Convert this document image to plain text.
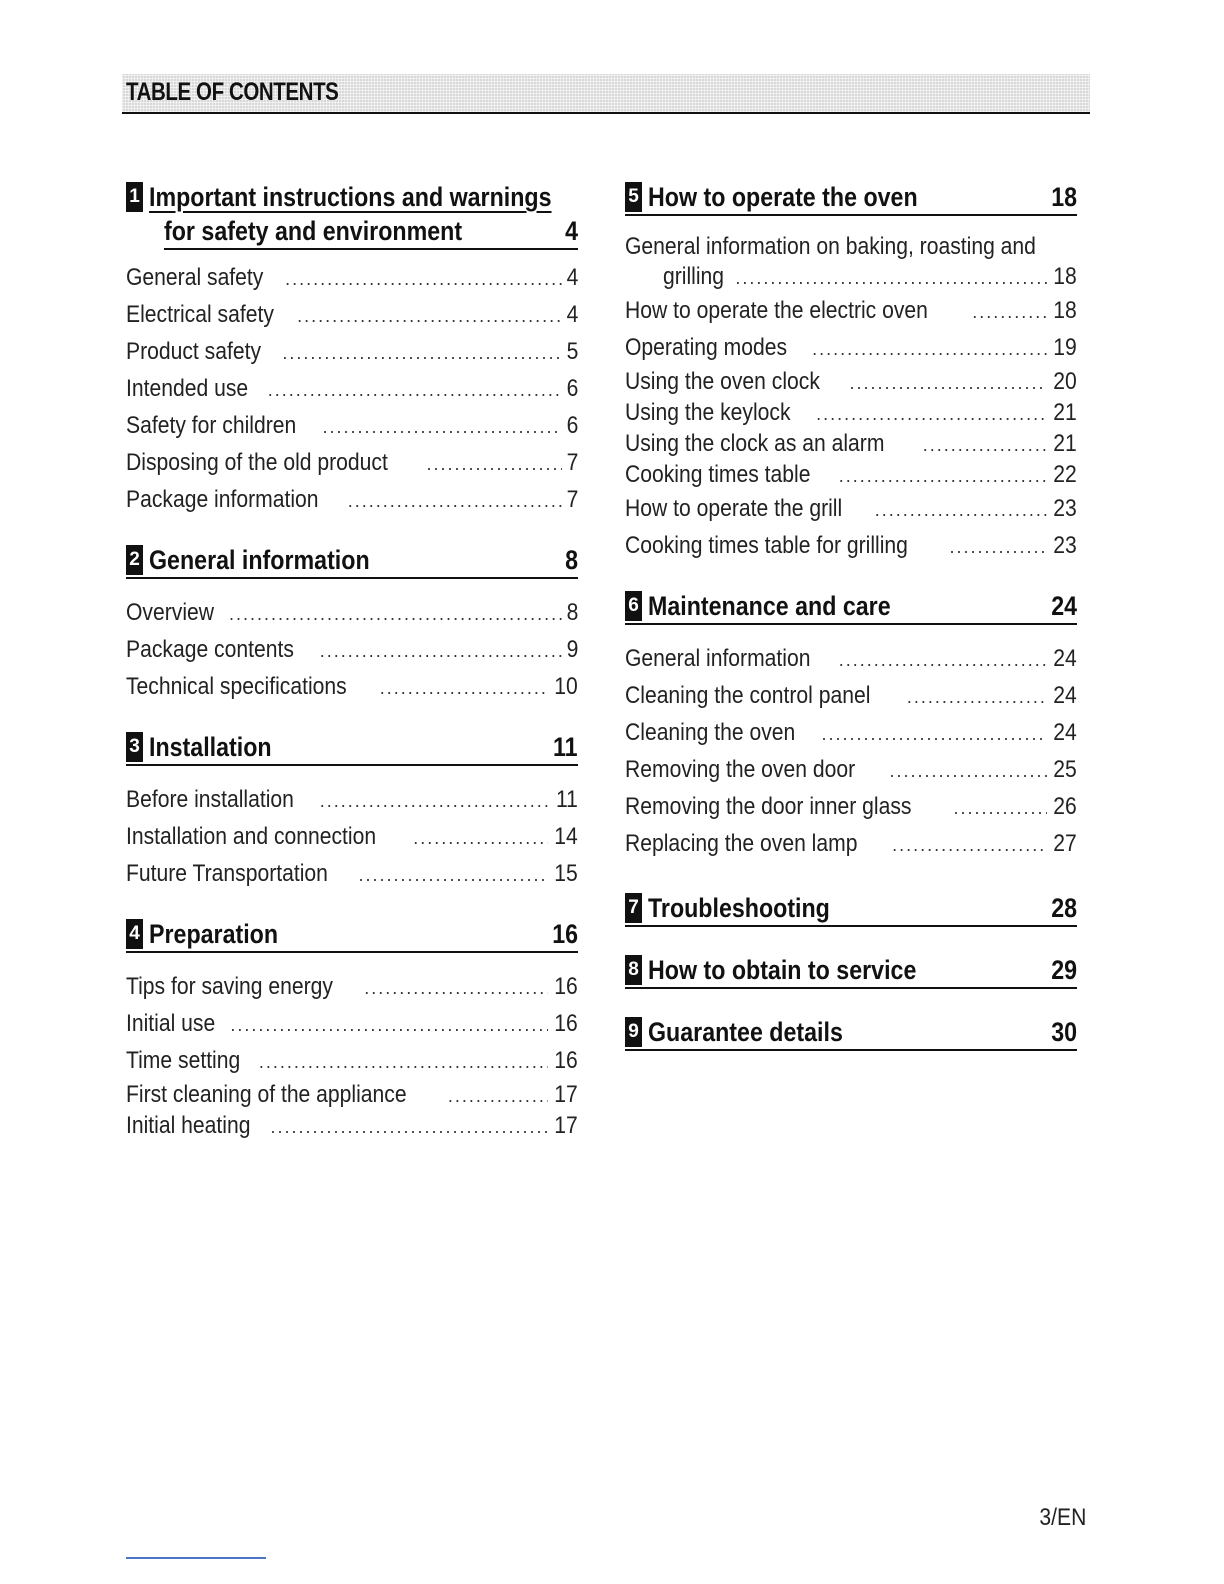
TABLE OF CONTENTS
1 Important instructions and warnings
for safety and environment	4
General safety .....	4
Electrical safety .....	4
Product safety .....	5
Intended use .....	6
Safety for children .....	6
Disposing of the old product .....	7
Package information .....	7
2 General information	8
Overview .....	8
Package contents .....	9
Technical specifications .....	10
3 Installation	11
Before installation .....	11
Installation and connection .....	14
Future Transportation .....	15
4 Preparation	16
Tips for saving energy .....	16
Initial use .....	16
Time setting .....	16
First cleaning of the appliance .....	17
Initial heating .....	17
5 How to operate the oven	18
General information on baking, roasting and
grilling .....	18
How to operate the electric oven .....	18
Operating modes .....	19
Using the oven clock .....	20
Using the keylock .....	21
Using the clock as an alarm .....	21
Cooking times table .....	22
How to operate the grill .....	23
Cooking times table for grilling .....	23
6 Maintenance and care	24
General information .....	24
Cleaning the control panel .....	24
Cleaning the oven .....	24
Removing the oven door .....	25
Removing the door inner glass .....	26
Replacing the oven lamp .....	27
7 Troubleshooting	28
8 How to obtain to service	29
9 Guarantee details	30
3/EN
